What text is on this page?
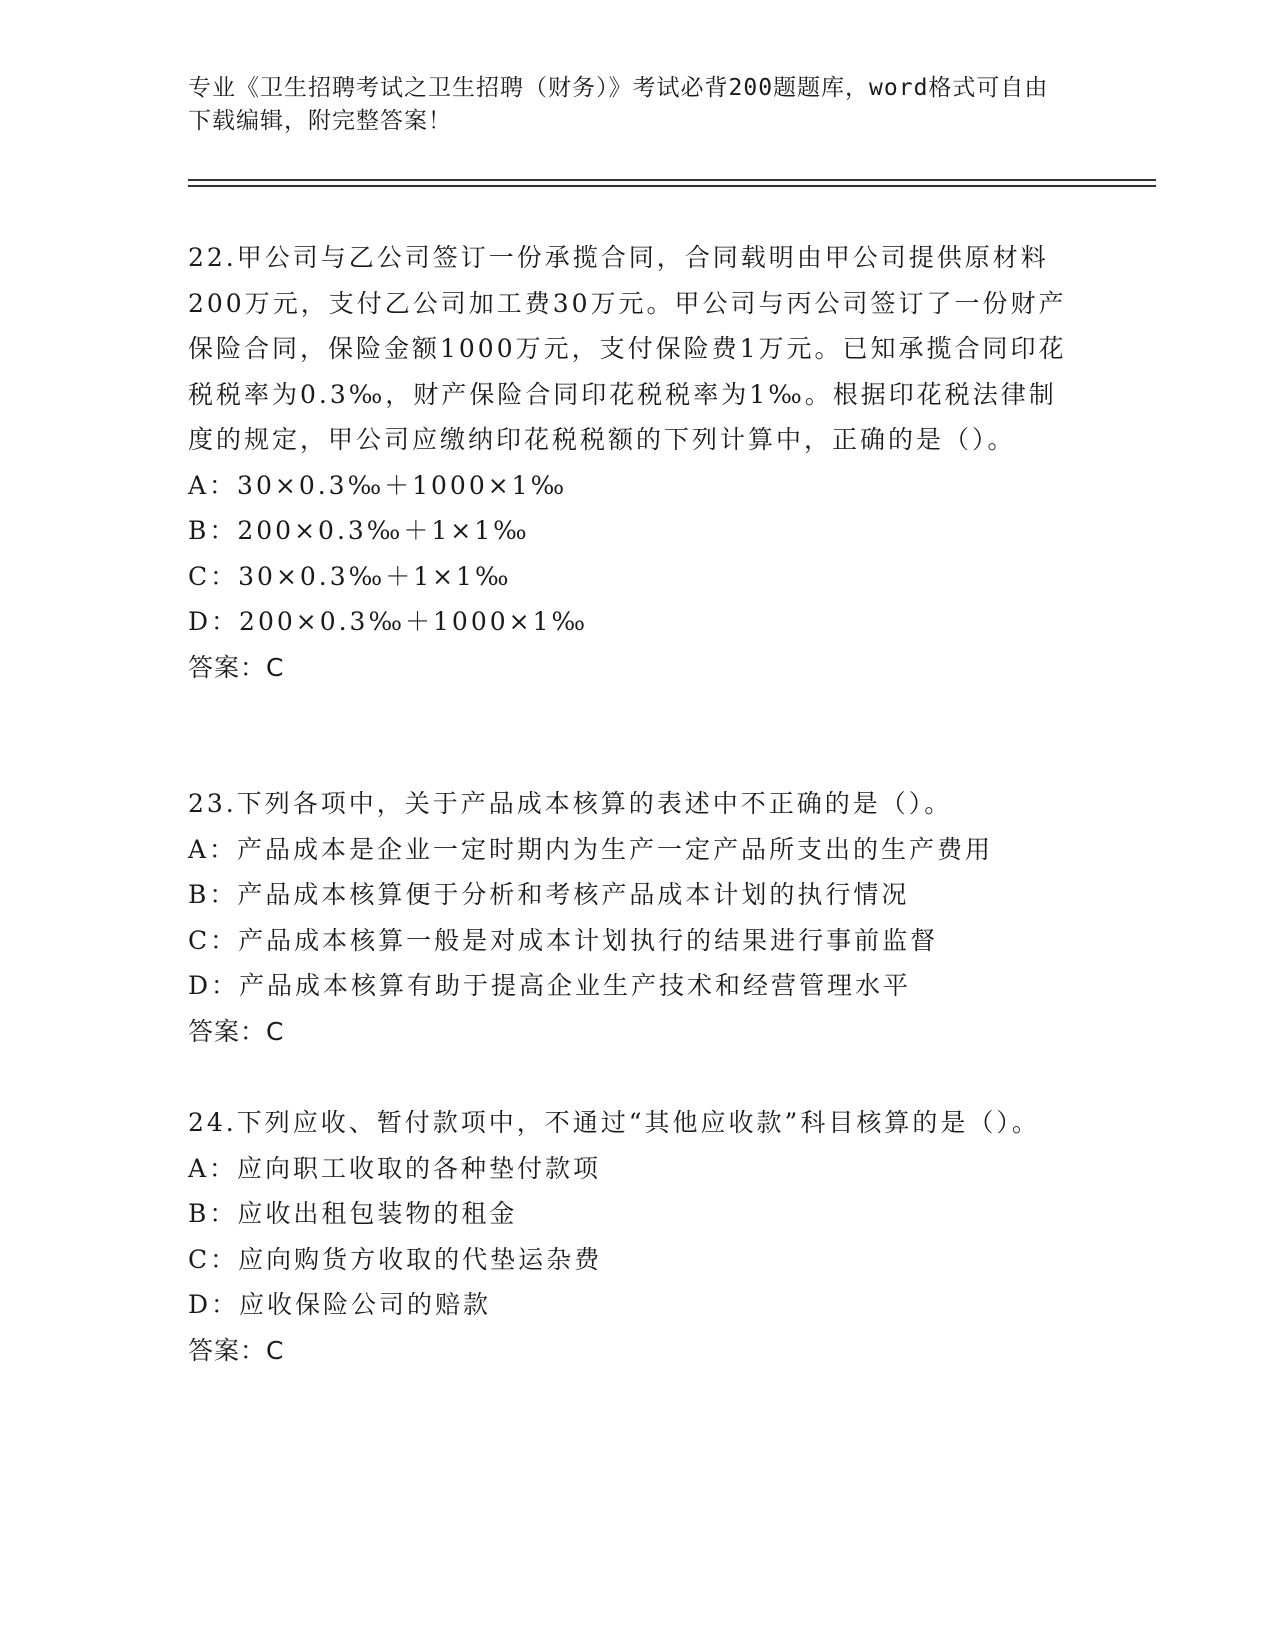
专业《卫生招聘考试之卫生招聘（财务）》考试必背200题题库，word格式可自由下载编辑，附完整答案！

22.甲公司与乙公司签订一份承揽合同，合同载明由甲公司提供原材料200万元，支付乙公司加工费30万元。甲公司与丙公司签订了一份财产保险合同，保险金额1000万元，支付保险费1万元。已知承揽合同印花税税率为0.3‰，财产保险合同印花税税率为1‰。根据印花税法律制度的规定，甲公司应缴纳印花税税额的下列计算中，正确的是（）。

A：30×0.3‰＋1000×1‰

B：200×0.3‰＋1×1‰

C：30×0.3‰＋1×1‰

D：200×0.3‰＋1000×1‰

答案：C

23.下列各项中，关于产品成本核算的表述中不正确的是（）。

A：产品成本是企业一定时期内为生产一定产品所支出的生产费用

B：产品成本核算便于分析和考核产品成本计划的执行情况

C：产品成本核算一般是对成本计划执行的结果进行事前监督

D：产品成本核算有助于提高企业生产技术和经营管理水平

答案：C

24.下列应收、暂付款项中，不通过“其他应收款”科目核算的是（）。

A：应向职工收取的各种垫付款项

B：应收出租包装物的租金

C：应向购货方收取的代垫运杂费

D：应收保险公司的赔款

答案：C
